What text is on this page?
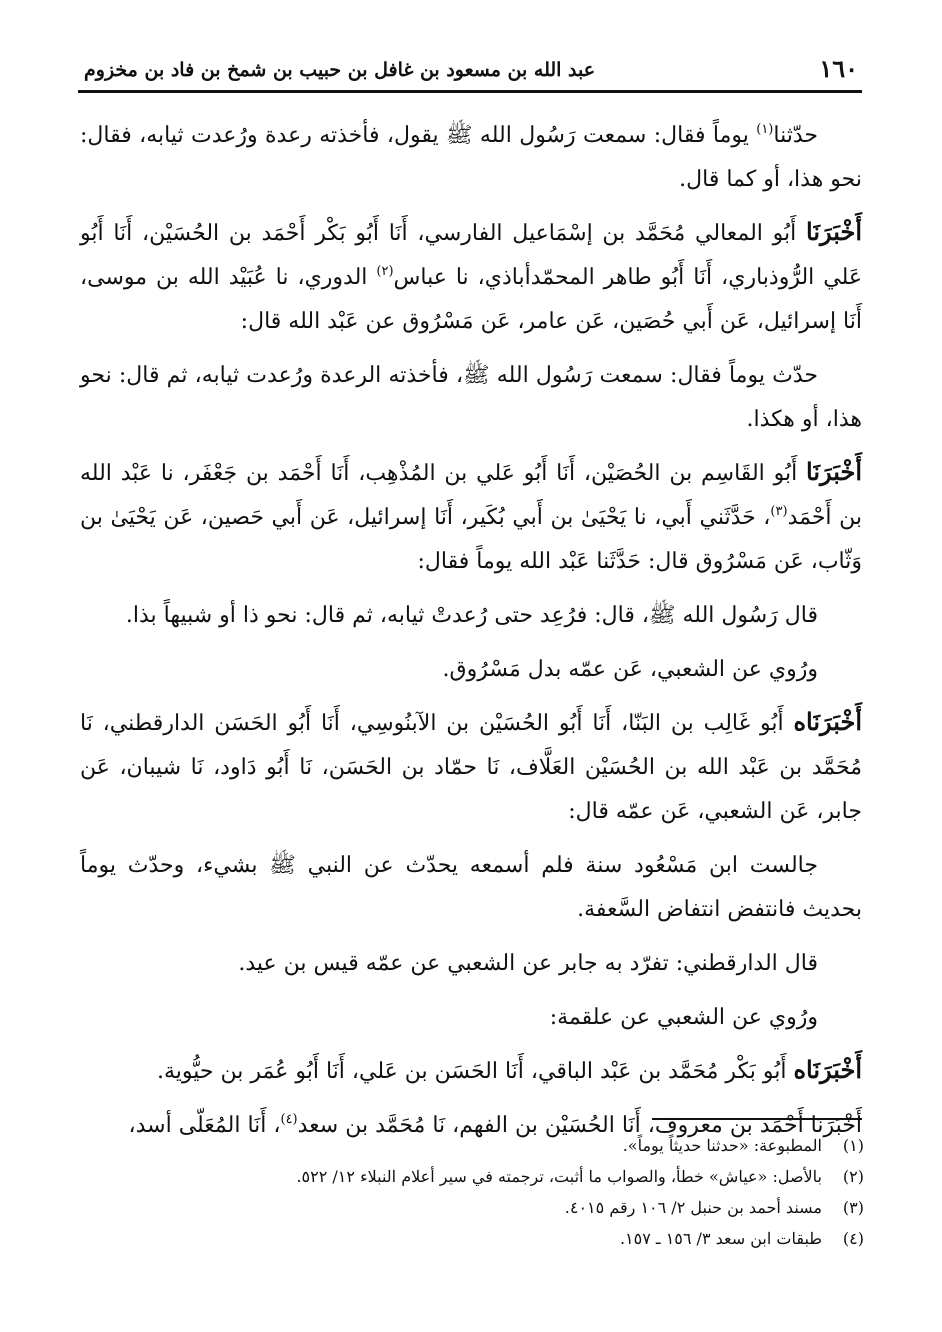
١٦٠
عبد الله بن مسعود بن غافل بن حبيب بن شمخ بن فاد بن مخزوم

حدّثنا$^{(١)}$ يوماً فقال: سمعت رَسُول الله ﷺ يقول، فأخذته رعدة ورُعدت ثيابه، فقال: نحو هذا، أو كما قال.

أَخْبَرَنَا أَبُو المعالي مُحَمَّد بن إسْمَاعيل الفارسي، أَنَا أَبُو بَكْر أَحْمَد بن الحُسَيْن، أَنَا أَبُو عَلي الرُّوذباري، أَنَا أَبُو طاهر المحمّدأباذي، نا عباس$^{(٢)}$ الدوري، نا عُبَيْد الله بن موسى، أَنَا إسرائيل، عَن أَبي حُصَين، عَن عامر، عَن مَسْرُوق عن عَبْد الله قال:

حدّث يوماً فقال: سمعت رَسُول الله ﷺ، فأخذته الرعدة ورُعدت ثيابه، ثم قال: نحو هذا، أو هكذا.

أَخْبَرَنَا أَبُو القَاسِم بن الحُصَيْن، أَنَا أَبُو عَلي بن المُذْهِب، أَنَا أَحْمَد بن جَعْفَر، نا عَبْد الله بن أَحْمَد$^{(٣)}$، حَدَّثَني أَبي، نا يَحْيَىٰ بن أَبي بُكَير، أَنَا إسرائيل، عَن أَبي حَصين، عَن يَحْيَىٰ بن وَثّاب، عَن مَسْرُوق قال: حَدَّثَنا عَبْد الله يوماً فقال:

قال رَسُول الله ﷺ، قال: فرُعِد حتى رُعدتْ ثيابه، ثم قال: نحو ذا أو شبيهاً بذا.

ورُوي عن الشعبي، عَن عمّه بدل مَسْرُوق.

أَخْبَرَنَاه أَبُو غَالِب بن البَنّا، أَنَا أَبُو الحُسَيْن بن الآبنُوسِي، أَنَا أَبُو الحَسَن الدارقطني، نَا مُحَمَّد بن عَبْد الله بن الحُسَيْن العَلَّاف، نَا حمّاد بن الحَسَن، نَا أَبُو دَاود، نَا شيبان، عَن جابر، عَن الشعبي، عَن عمّه قال:

جالست ابن مَسْعُود سنة فلم أسمعه يحدّث عن النبي ﷺ بشيء، وحدّث يوماً بحديث فانتفض انتفاض السَّعفة.

قال الدارقطني: تفرّد به جابر عن الشعبي عن عمّه قيس بن عيد.

ورُوي عن الشعبي عن علقمة:

أَخْبَرَنَاه أَبُو بَكْر مُحَمَّد بن عَبْد الباقي، أَنَا الحَسَن بن عَلي، أَنَا أَبُو عُمَر بن حيُّوية.

أَخْبَرَنَا أَحْمَد بن معروف، أَنَا الحُسَيْن بن الفهم، نَا مُحَمَّد بن سعد$^{(٤)}$، أَنَا المُعَلّى أسد،

(١)المطبوعة: «حدثنا حديثاً يوماً».
(٢)بالأصل: «عياش» خطأ، والصواب ما أثبت، ترجمته في سير أعلام النبلاء ١٢/ ٥٢٢.
(٣)مسند أحمد بن حنبل ٢/ ١٠٦ رقم ٤٠١٥.
(٤)طبقات ابن سعد ٣/ ١٥٦ ـ ١٥٧.
